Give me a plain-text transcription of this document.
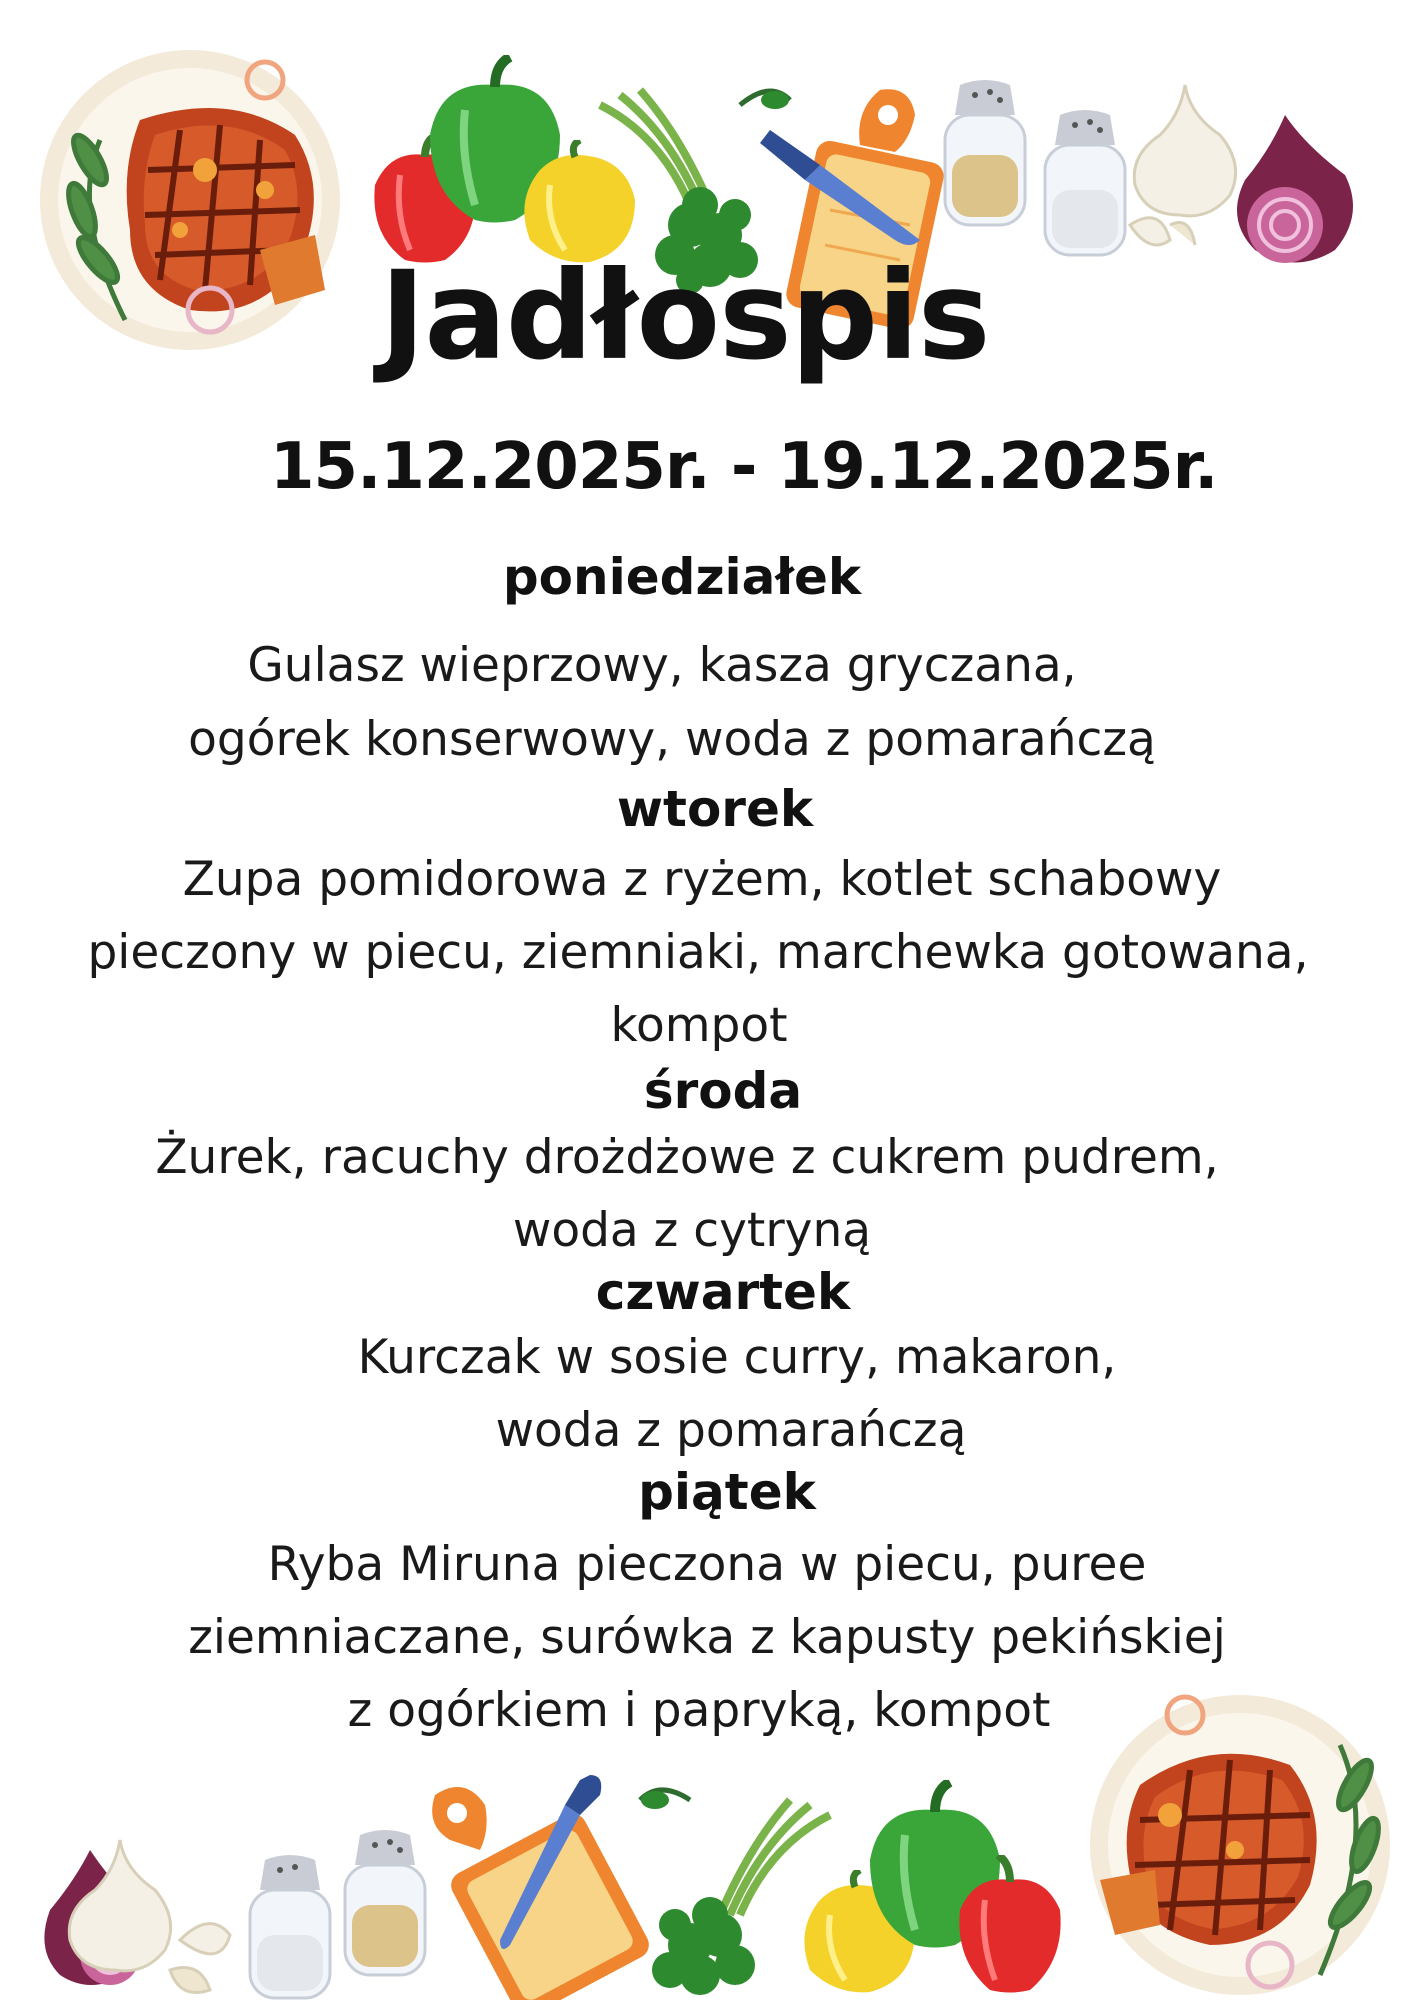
Jadłospis
15.12.2025r. - 19.12.2025r.
poniedziałek
Gulasz wieprzowy, kasza gryczana,
ogórek konserwowy, woda z pomarańczą
wtorek
Zupa pomidorowa z ryżem, kotlet schabowy
pieczony w piecu, ziemniaki, marchewka gotowana,
kompot
środa
Żurek, racuchy drożdżowe z cukrem pudrem,
woda z cytryną
czwartek
Kurczak w sosie curry, makaron,
woda z pomarańczą
piątek
Ryba Miruna pieczona w piecu, puree
ziemniaczane, surówka z kapusty pekińskiej
z ogórkiem i papryką, kompot
